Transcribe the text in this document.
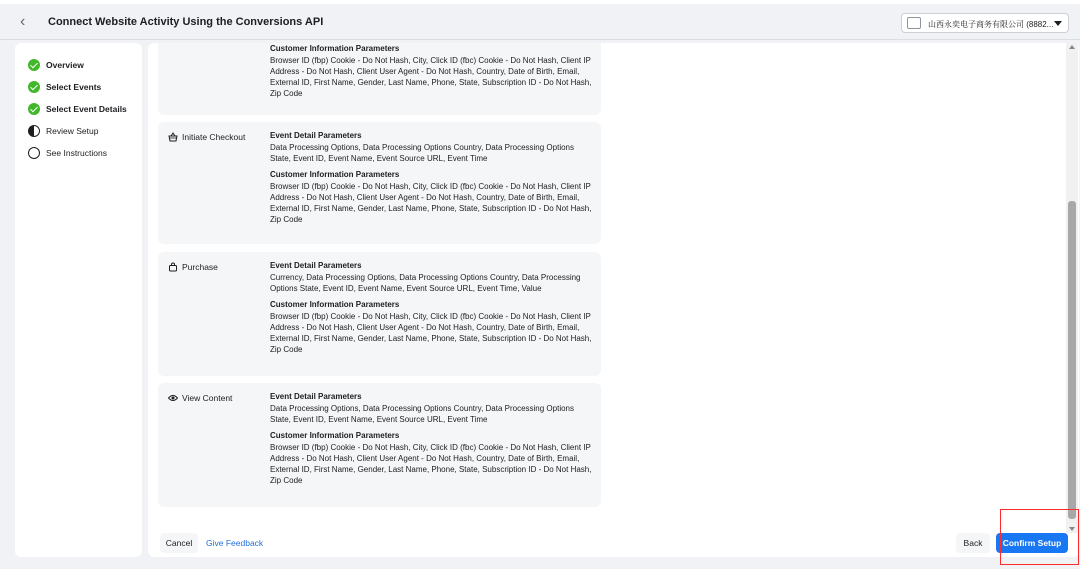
‹	Connect Website Activity Using the Conversions API	山西永奕电子商务有限公司 (8882...
Overview
Select Events
Select Event Details
Review Setup
See Instructions
Customer Information Parameters
Browser ID (fbp) Cookie - Do Not Hash, City, Click ID (fbc) Cookie - Do Not Hash, Client IP Address - Do Not Hash, Client User Agent - Do Not Hash, Country, Date of Birth, Email, External ID, First Name, Gender, Last Name, Phone, State, Subscription ID - Do Not Hash, Zip Code
Initiate Checkout	Event Detail Parameters
Data Processing Options, Data Processing Options Country, Data Processing Options State, Event ID, Event Name, Event Source URL, Event Time
Customer Information Parameters
Browser ID (fbp) Cookie - Do Not Hash, City, Click ID (fbc) Cookie - Do Not Hash, Client IP Address - Do Not Hash, Client User Agent - Do Not Hash, Country, Date of Birth, Email, External ID, First Name, Gender, Last Name, Phone, State, Subscription ID - Do Not Hash, Zip Code
Purchase	Event Detail Parameters
Currency, Data Processing Options, Data Processing Options Country, Data Processing Options State, Event ID, Event Name, Event Source URL, Event Time, Value
Customer Information Parameters
Browser ID (fbp) Cookie - Do Not Hash, City, Click ID (fbc) Cookie - Do Not Hash, Client IP Address - Do Not Hash, Client User Agent - Do Not Hash, Country, Date of Birth, Email, External ID, First Name, Gender, Last Name, Phone, State, Subscription ID - Do Not Hash, Zip Code
View Content	Event Detail Parameters
Data Processing Options, Data Processing Options Country, Data Processing Options State, Event ID, Event Name, Event Source URL, Event Time
Customer Information Parameters
Browser ID (fbp) Cookie - Do Not Hash, City, Click ID (fbc) Cookie - Do Not Hash, Client IP Address - Do Not Hash, Client User Agent - Do Not Hash, Country, Date of Birth, Email, External ID, First Name, Gender, Last Name, Phone, State, Subscription ID - Do Not Hash, Zip Code
Cancel	Give Feedback	Back	Confirm Setup
